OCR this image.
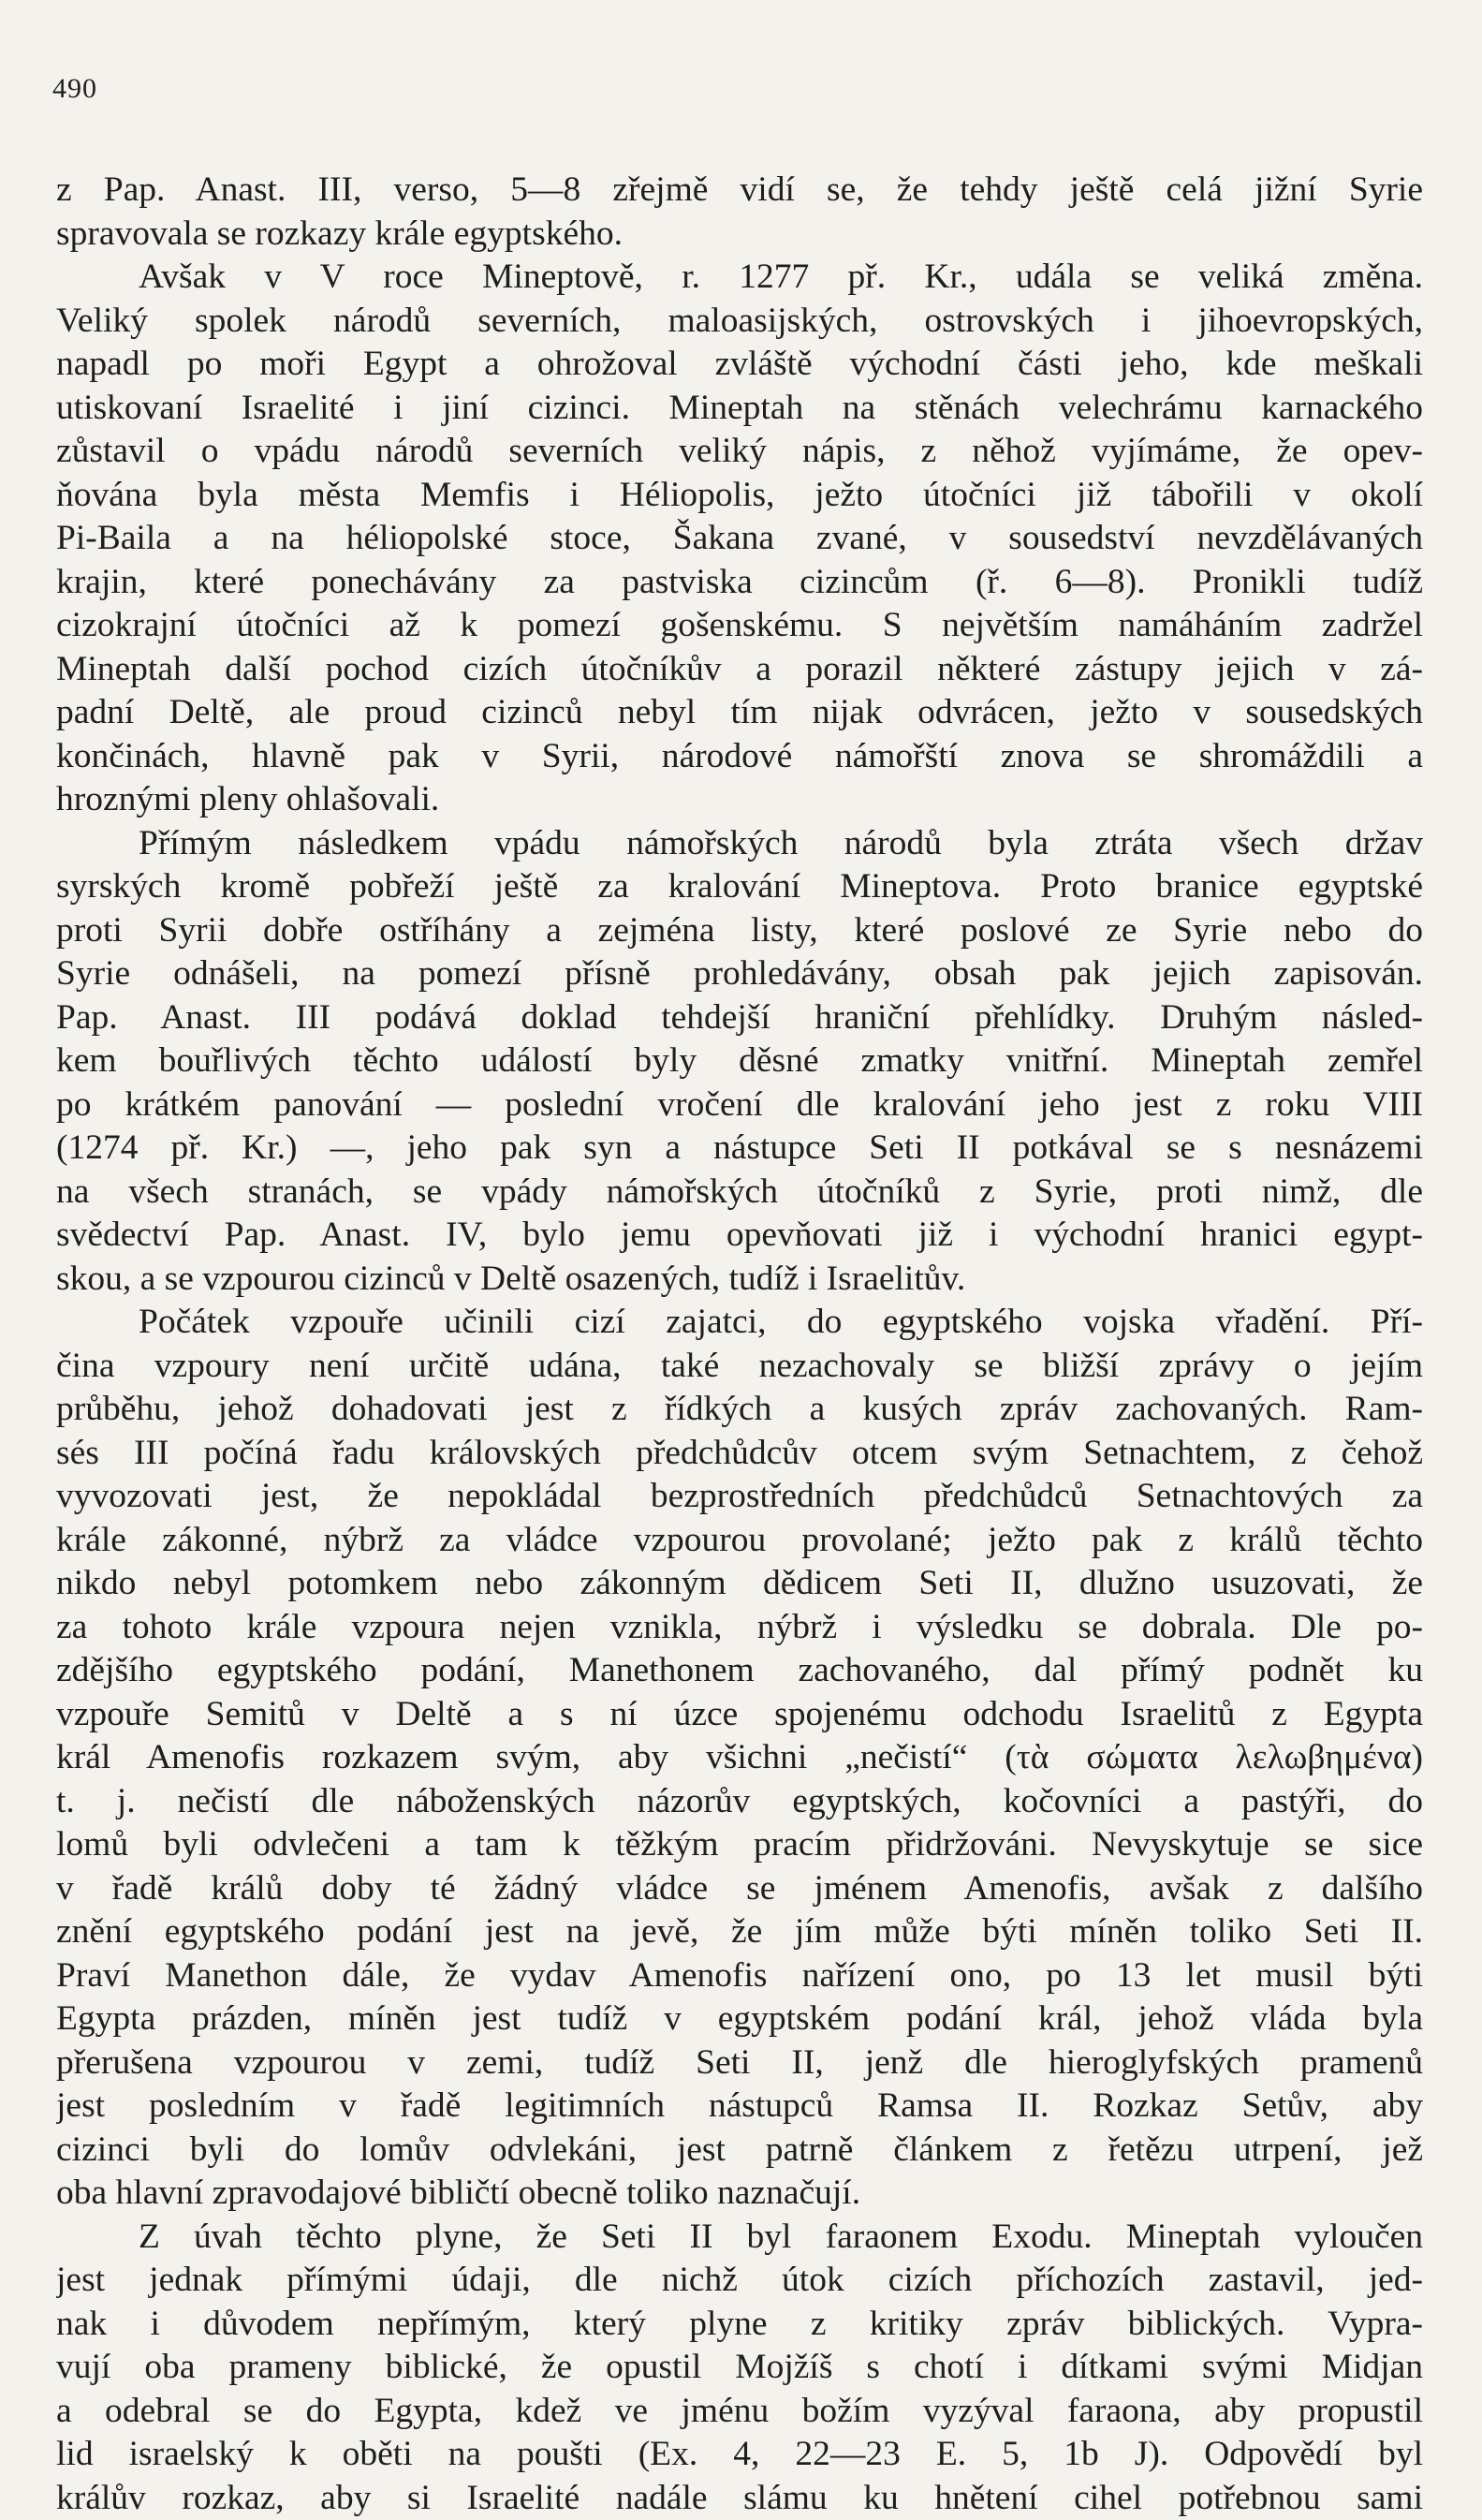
490
z Pap. Anast. III, verso, 5—8 zřejmě vidí se, že tehdy ještě celá jižní Syrie
spravovala se rozkazy krále egyptského.
Avšak v V roce Mineptově, r. 1277 př. Kr., udála se veliká změna.
Veliký spolek národů severních, maloasijských, ostrovských i jihoevropských,
napadl po moři Egypt a ohrožoval zvláště východní části jeho, kde meškali
utiskovaní Israelité i jiní cizinci. Mineptah na stěnách velechrámu karnackého
zůstavil o vpádu národů severních veliký nápis, z něhož vyjímáme, že opev-
ňována byla města Memfis i Héliopolis, ježto útočníci již tábořili v okolí
Pi-Baila a na héliopolské stoce, Šakana zvané, v sousedství nevzdělávaných
krajin, které ponechávány za pastviska cizincům (ř. 6—8). Pronikli tudíž
cizokrajní útočníci až k pomezí gošenskému. S největším namáháním zadržel
Mineptah další pochod cizích útočníkův a porazil některé zástupy jejich v zá-
padní Deltě, ale proud cizinců nebyl tím nijak odvrácen, ježto v sousedských
končinách, hlavně pak v Syrii, národové námořští znova se shromáždili a
hroznými pleny ohlašovali.
Přímým následkem vpádu námořských národů byla ztráta všech držav
syrských kromě pobřeží ještě za kralování Mineptova. Proto branice egyptské
proti Syrii dobře ostříhány a zejména listy, které poslové ze Syrie nebo do
Syrie odnášeli, na pomezí přísně prohledávány, obsah pak jejich zapisován.
Pap. Anast. III podává doklad tehdejší hraniční přehlídky. Druhým násled-
kem bouřlivých těchto událostí byly děsné zmatky vnitřní. Mineptah zemřel
po krátkém panování — poslední vročení dle kralování jeho jest z roku VIII
(1274 př. Kr.) —, jeho pak syn a nástupce Seti II potkával se s nesnázemi
na všech stranách, se vpády námořských útočníků z Syrie, proti nimž, dle
svědectví Pap. Anast. IV, bylo jemu opevňovati již i východní hranici egypt-
skou, a se vzpourou cizinců v Deltě osazených, tudíž i Israelitův.
Počátek vzpouře učinili cizí zajatci, do egyptského vojska vřadění. Pří-
čina vzpoury není určitě udána, také nezachovaly se bližší zprávy o jejím
průběhu, jehož dohadovati jest z řídkých a kusých zpráv zachovaných. Ram-
sés III počíná řadu královských předchůdcův otcem svým Setnachtem, z čehož
vyvozovati jest, že nepokládal bezprostředních předchůdců Setnachtových za
krále zákonné, nýbrž za vládce vzpourou provolané; ježto pak z králů těchto
nikdo nebyl potomkem nebo zákonným dědicem Seti II, dlužno usuzovati, že
za tohoto krále vzpoura nejen vznikla, nýbrž i výsledku se dobrala. Dle po-
zdějšího egyptského podání, Manethonem zachovaného, dal přímý podnět ku
vzpouře Semitů v Deltě a s ní úzce spojenému odchodu Israelitů z Egypta
král Amenofis rozkazem svým, aby všichni „nečistí“ (τὰ σώματα λελωβημένα)
t. j. nečistí dle náboženských názorův egyptských, kočovníci a pastýři, do
lomů byli odvlečeni a tam k těžkým pracím přidržováni. Nevyskytuje se sice
v řadě králů doby té žádný vládce se jménem Amenofis, avšak z dalšího
znění egyptského podání jest na jevě, že jím může býti míněn toliko Seti II.
Praví Manethon dále, že vydav Amenofis nařízení ono, po 13 let musil býti
Egypta prázden, míněn jest tudíž v egyptském podání král, jehož vláda byla
přerušena vzpourou v zemi, tudíž Seti II, jenž dle hieroglyfských pramenů
jest posledním v řadě legitimních nástupců Ramsa II. Rozkaz Setův, aby
cizinci byli do lomův odvlekáni, jest patrně článkem z řetězu utrpení, jež
oba hlavní zpravodajové bibličtí obecně toliko naznačují.
Z úvah těchto plyne, že Seti II byl faraonem Exodu. Mineptah vyloučen
jest jednak přímými údaji, dle nichž útok cizích příchozích zastavil, jed-
nak i důvodem nepřímým, který plyne z kritiky zpráv biblických. Vypra-
vují oba prameny biblické, že opustil Mojžíš s chotí i dítkami svými Midjan
a odebral se do Egypta, kdež ve jménu božím vyzýval faraona, aby propustil
lid israelský k oběti na poušti (Ex. 4, 22—23 E. 5, 1b J). Odpovědí byl
králův rozkaz, aby si Israelité nadále slámu ku hnětení cihel potřebnou sami
